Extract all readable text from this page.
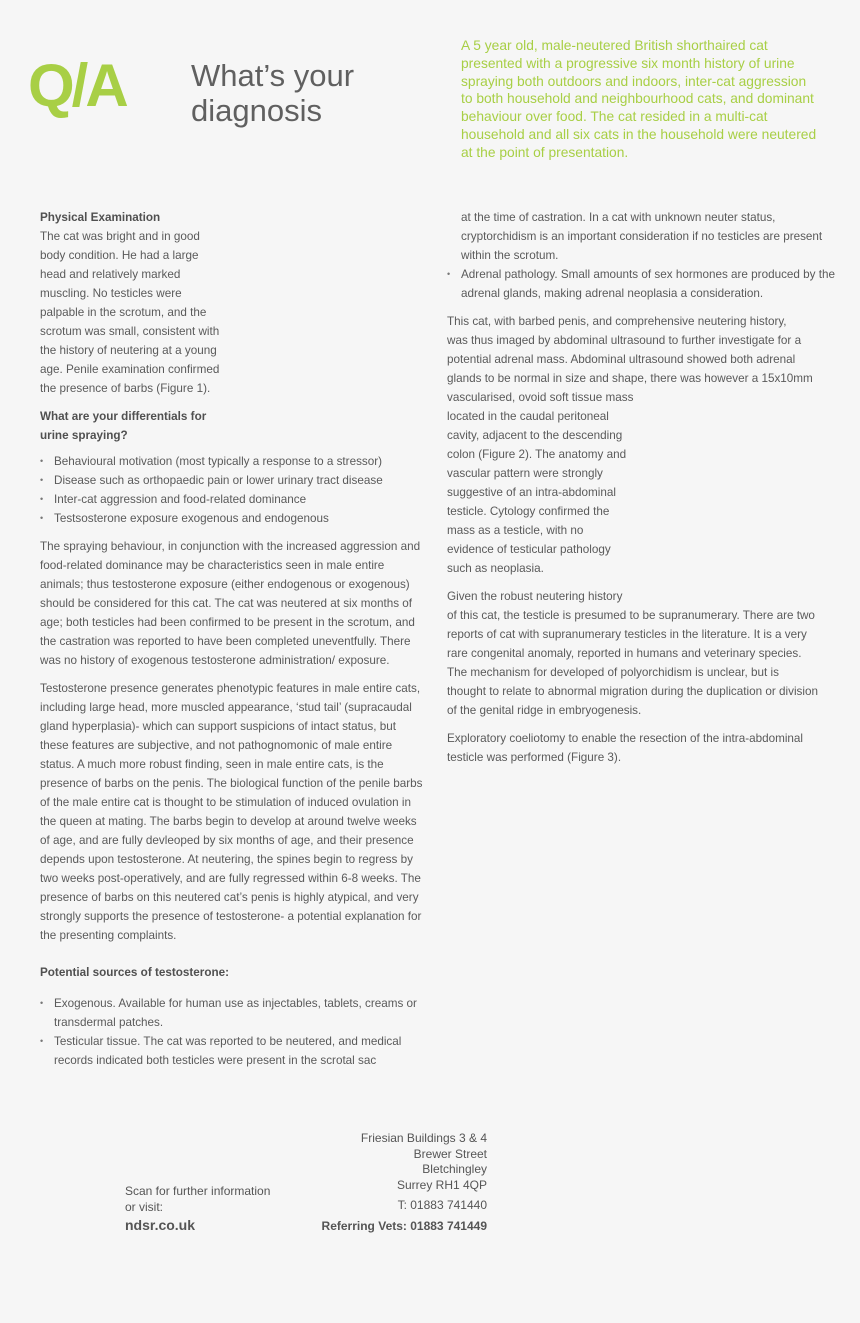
Q/A What’s your
diagnosis
A 5 year old, male-neutered British shorthaired cat presented with a progressive six month history of urine spraying both outdoors and indoors, inter-cat aggression to both household and neighbourhood cats, and dominant behaviour over food. The cat resided in a multi-cat household and all six cats in the household were neutered at the point of presentation.
Physical Examination

The cat was bright and in good
body condition. He had a large
head and relatively marked
muscling. No testicles were
palpable in the scrotum, and the
scrotum was small, consistent with
the history of neutering at a young
age. Penile examination confirmed
the presence of barbs (Figure 1).

What are your differentials for
urine spraying?
• Behavioural motivation (most typically a response to a stressor)
• Disease such as orthopaedic pain or lower urinary tract disease
• Inter-cat aggression and food-related dominance
• Testsosterone exposure exogenous and endogenous

The spraying behaviour, in conjunction with the increased aggression and food-related dominance may be characteristics seen in male entire animals; thus testosterone exposure (either endogenous or exogenous) should be considered for this cat. The cat was neutered at six months of age; both testicles had been confirmed to be present in the scrotum, and the castration was reported to have been completed uneventfully. There was no history of exogenous testosterone administration/ exposure.

Testosterone presence generates phenotypic features in male entire cats, including large head, more muscled appearance, ‘stud tail’ (supracaudal gland hyperplasia)- which can support suspicions of intact status, but these features are subjective, and not pathognomonic of male entire status. A much more robust finding, seen in male entire cats, is the presence of barbs on the penis. The biological function of the penile barbs of the male entire cat is thought to be stimulation of induced ovulation in the queen at mating. The barbs begin to develop at around twelve weeks of age, and are fully devleoped by six months of age, and their presence depends upon testosterone. At neutering, the spines begin to regress by two weeks post-operatively, and are fully regressed within 6-8 weeks. The presence of barbs on this neutered cat’s penis is highly atypical, and very strongly supports the presence of testosterone- a potential explanation for the presenting complaints.

Potential sources of testosterone:
• Exogenous. Available for human use as injectables, tablets, creams or transdermal patches.
• Testicular tissue. The cat was reported to be neutered, and medical records indicated both testicles were present in the scrotal sac

at the time of castration. In a cat with unknown neuter status, cryptorchidism is an important consideration if no testicles are present within the scrotum.

• Adrenal pathology. Small amounts of sex hormones are produced by the adrenal glands, making adrenal neoplasia a consideration.

This cat, with barbed penis, and comprehensive neutering history,
was thus imaged by abdominal ultrasound to further investigate for a
potential adrenal mass. Abdominal ultrasound showed both adrenal
glands to be normal in size and shape, there was however a 15x10mm
vascularised, ovoid soft tissue mass
located in the caudal peritoneal
cavity, adjacent to the descending
colon (Figure 2). The anatomy and
vascular pattern were strongly
suggestive of an intra-abdominal
testicle. Cytology confirmed the
mass as a testicle, with no
evidence of testicular pathology
such as neoplasia.

Given the robust neutering history
of this cat, the testicle is presumed to be supranumerary. There are two
reports of cat with supranumerary testicles in the literature. It is a very
rare congenital anomaly, reported in humans and veterinary species.
The mechanism for developed of polyorchidism is unclear, but is
thought to relate to abnormal migration during the duplication or division
of the genital ridge in embryogenesis.

Exploratory coeliotomy to enable the resection of the intra-abdominal testicle was performed (Figure 3).

Scan for further information or visit:
ndsr.co.uk
Friesian Buildings 3 & 4
Brewer Street
Bletchingley
Surrey RH1 4QP
T: 01883 741440
Referring Vets: 01883 741449
